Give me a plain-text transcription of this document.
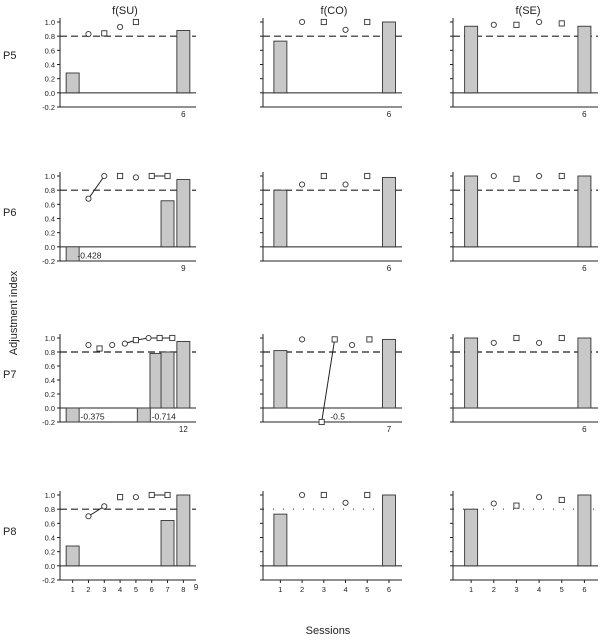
f(SU)	f(CO)	f(SE)
P5
P6
P7
P8
Adjustment index
Sessions
1.0
0.8
0.6
0.4
0.2
0.0
-0.2
6	6	6
1.0
0.8
0.6
0.4
0.2
0.0
-0.2
-0.428
9	6	6
1.0
0.8
0.6
0.4
0.2
0.0
-0.2
-0.375	-0.714
12
-0.5
7	6
1.0
0.8
0.6
0.4
0.2
0.0
-0.2
9
1 2 3 4 5 6 7 8	1 2 3 4 5 6	1 2 3 4 5 6
